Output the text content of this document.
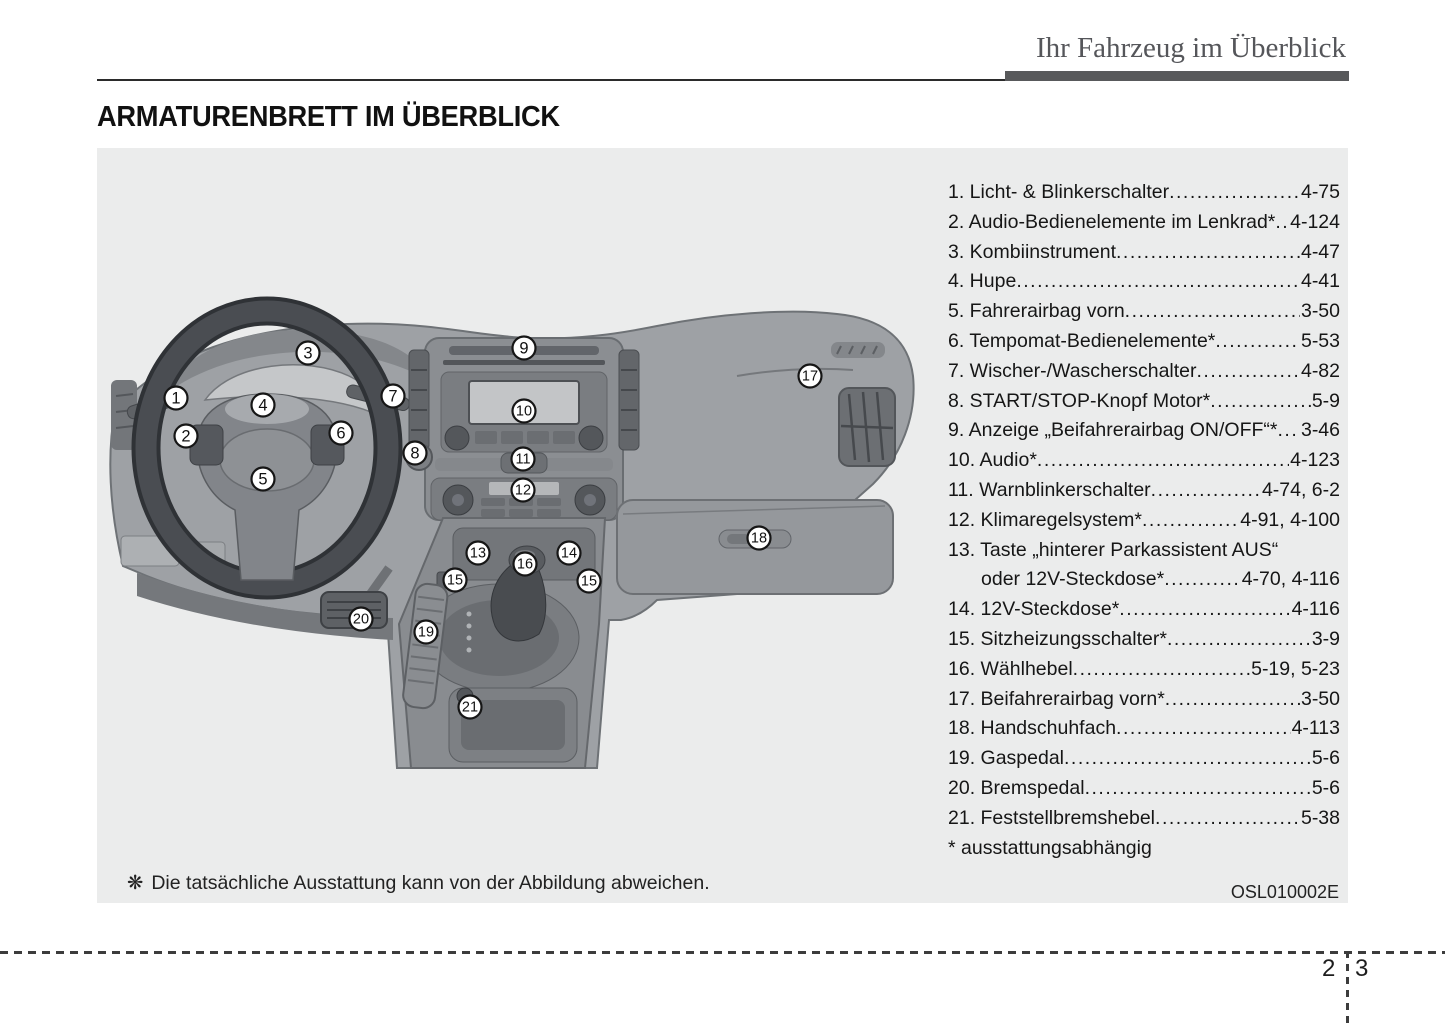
Ihr Fahrzeug im Überblick
ARMATURENBRETT IM ÜBERBLICK
1
2
3
4
5
6
7
8
9
10
11
12
13	14
15	15
16
17
18
19
20
21
1. Licht- & Blinkerschalter .....	4-75
2. Audio-Bedienelemente im Lenkrad* ..... 4-124
3. Kombiinstrument .....	4-47
4. Hupe .....	4-41
5. Fahrerairbag vorn .....	3-50
6. Tempomat-Bedienelemente* .....	5-53
7. Wischer-/Wascherschalter .....	4-82
8. START/STOP-Knopf Motor* .....	5-9
9. Anzeige „Beifahrerairbag ON/OFF“* ..... 3-46
10. Audio* .....	4-123
11. Warnblinkerschalter .....	4-74, 6-2
12. Klimaregelsystem* .....	4-91, 4-100
13. Taste „hinterer Parkassistent AUS“
oder 12V-Steckdose* .....	4-70, 4-116
14. 12V-Steckdose* .....	4-116
15. Sitzheizungsschalter* .....	3-9
16. Wählhebel .....	5-19, 5-23
17. Beifahrerairbag vorn* .....	3-50
18. Handschuhfach .....	4-113
19. Gaspedal .....	5-6
20. Bremspedal .....	5-6
21. Feststellbremshebel .....	5-38
* ausstattungsabhängig
❋ Die tatsächliche Ausstattung kann von der Abbildung abweichen.	OSL010002E
2 3
